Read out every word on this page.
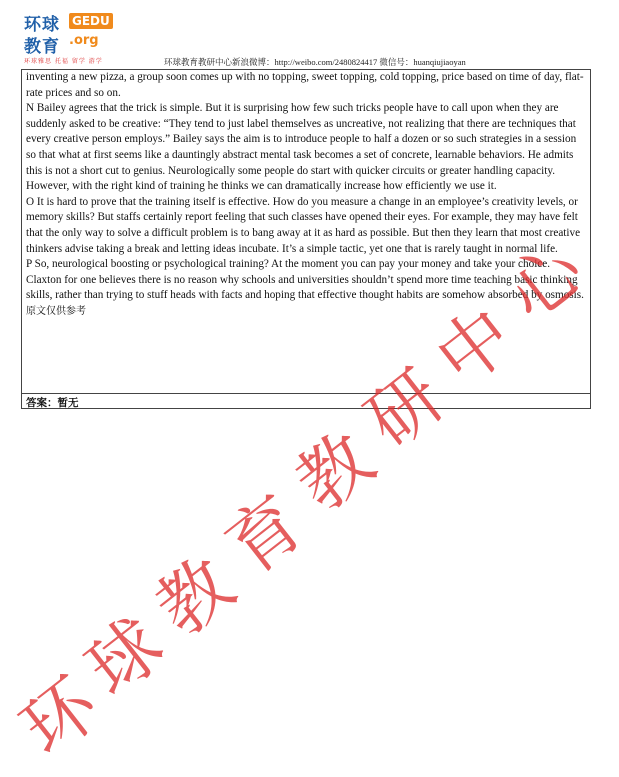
环球
教育
GEDU
.org
环球雅思 托福 留学 游学	环球教育教研中心新浪微博：http://weibo.com/2480824417 微信号：huanqiujiaoyan

inventing a new pizza, a group soon comes up with no topping, sweet topping, cold topping, price based on time of day, flat-rate prices and so on.

N Bailey agrees that the trick is simple. But it is surprising how few such tricks people have to call upon when they are suddenly asked to be creative: “They tend to just label themselves as uncreative, not realizing that there are techniques that every creative person employs.” Bailey says the aim is to introduce people to half a dozen or so such strategies in a session so that what at first seems like a dauntingly abstract mental task becomes a set of concrete, learnable behaviors. He admits this is not a short cut to genius. Neurologically some people do start with quicker circuits or greater handling capacity.

However, with the right kind of training he thinks we can dramatically increase how efficiently we use it.

O It is hard to prove that the training itself is effective. How do you measure a change in an employee’s creativity levels, or memory skills? But staffs certainly report feeling that such classes have opened their eyes. For example, they may have felt that the only way to solve a difficult problem is to bang away at it as hard as possible. But then they learn that most creative thinkers advise taking a break and letting ideas incubate. It’s a simple tactic, yet one that is rarely taught in normal life.

P So, neurological boosting or psychological training? At the moment you can pay your money and take your choice. Claxton for one believes there is no reason why schools and universities shouldn’t spend more time teaching basic thinking skills, rather than trying to stuff heads with facts and hoping that effective thought habits are somehow absorbed by osmosis.

原文仅供参考

答案：暂无
环
球
教
育
教
研
中
心
